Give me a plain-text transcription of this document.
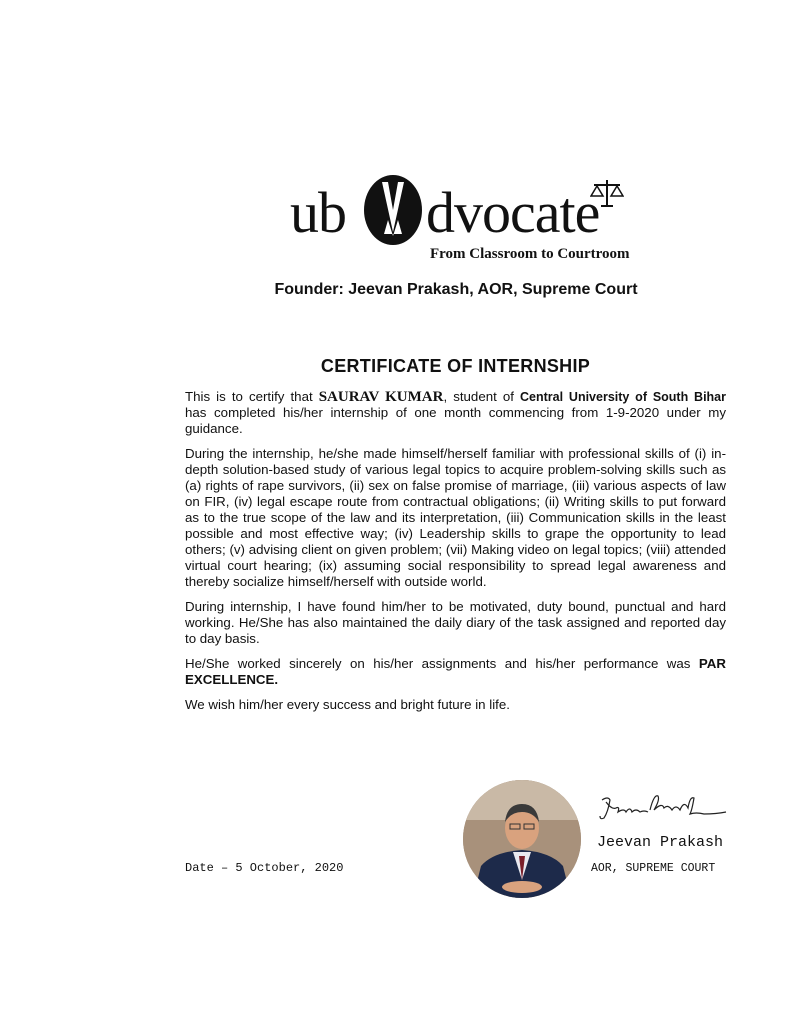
ub dvocate
From Classroom to Courtroom
Founder: Jeevan Prakash, AOR, Supreme Court
CERTIFICATE OF INTERNSHIP

This is to certify that SAURAV KUMAR, student of Central University of South Bihar   has completed his/her internship of one month commencing from 1-9-2020 under my guidance.

During the internship, he/she made himself/herself familiar with professional skills of (i) in-depth solution-based study of various legal topics to acquire problem-solving skills such as (a) rights of rape survivors, (ii) sex on false promise of marriage, (iii) various aspects of law on FIR, (iv) legal escape route from contractual obligations; (ii) Writing skills to put forward as to the true scope of the law and its interpretation, (iii) Communication skills in the least possible and most effective way; (iv) Leadership skills to grape the opportunity to lead others; (v) advising client on given problem; (vii) Making video on legal topics; (viii) attended virtual court hearing; (ix) assuming social responsibility to spread legal awareness and thereby socialize himself/herself with outside world.

During internship, I have found him/her to be motivated, duty bound, punctual and hard working. He/She has also maintained the daily diary of the task assigned and reported day to day basis.

He/She worked sincerely on his/her assignments and his/her performance was PAR EXCELLENCE.

We wish him/her every success and bright future in life.

Date – 5 October, 2020
Jeevan Prakash
AOR, SUPREME COURT
